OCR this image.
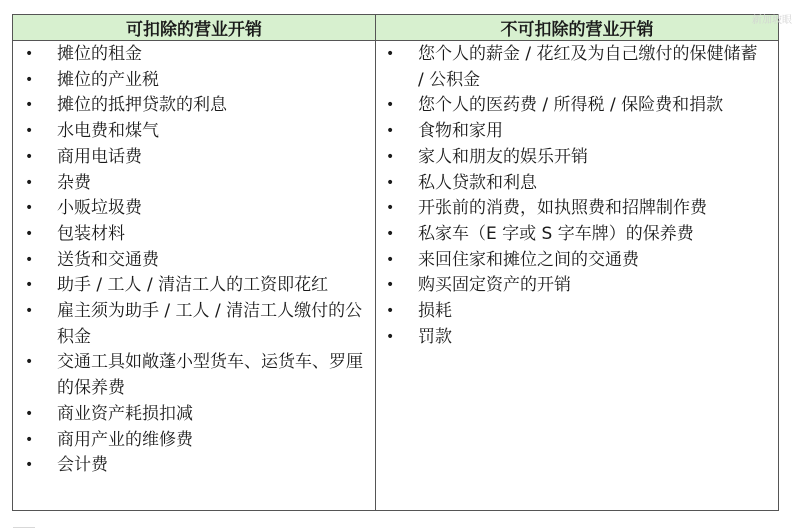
可扣除的营业开销	不可扣除的营业开销
• 摊位的租金
• 摊位的产业税
• 摊位的抵押贷款的利息
• 水电费和煤气
• 商用电话费
• 杂费
• 小贩垃圾费
• 包装材料
• 送货和交通费
• 助手 / 工人 / 清洁工人的工资即花红
• 雇主须为助手 / 工人 / 清洁工人缴付的公积金
• 交通工具如敞蓬小型货车、运货车、罗厘的保养费
• 商业资产耗损扣减
• 商用产业的维修费
• 会计费
• 您个人的薪金 / 花红及为自己缴付的保健储蓄 / 公积金
• 您个人的医药费 / 所得税 / 保险费和捐款
• 食物和家用
• 家人和朋友的娱乐开销
• 私人贷款和利息
• 开张前的消费，如执照费和招牌制作费
• 私家车（E 字或 S 字车牌）的保养费
• 来回住家和摊位之间的交通费
• 购买固定资产的开销
• 损耗
• 罚款
新加坡眼
